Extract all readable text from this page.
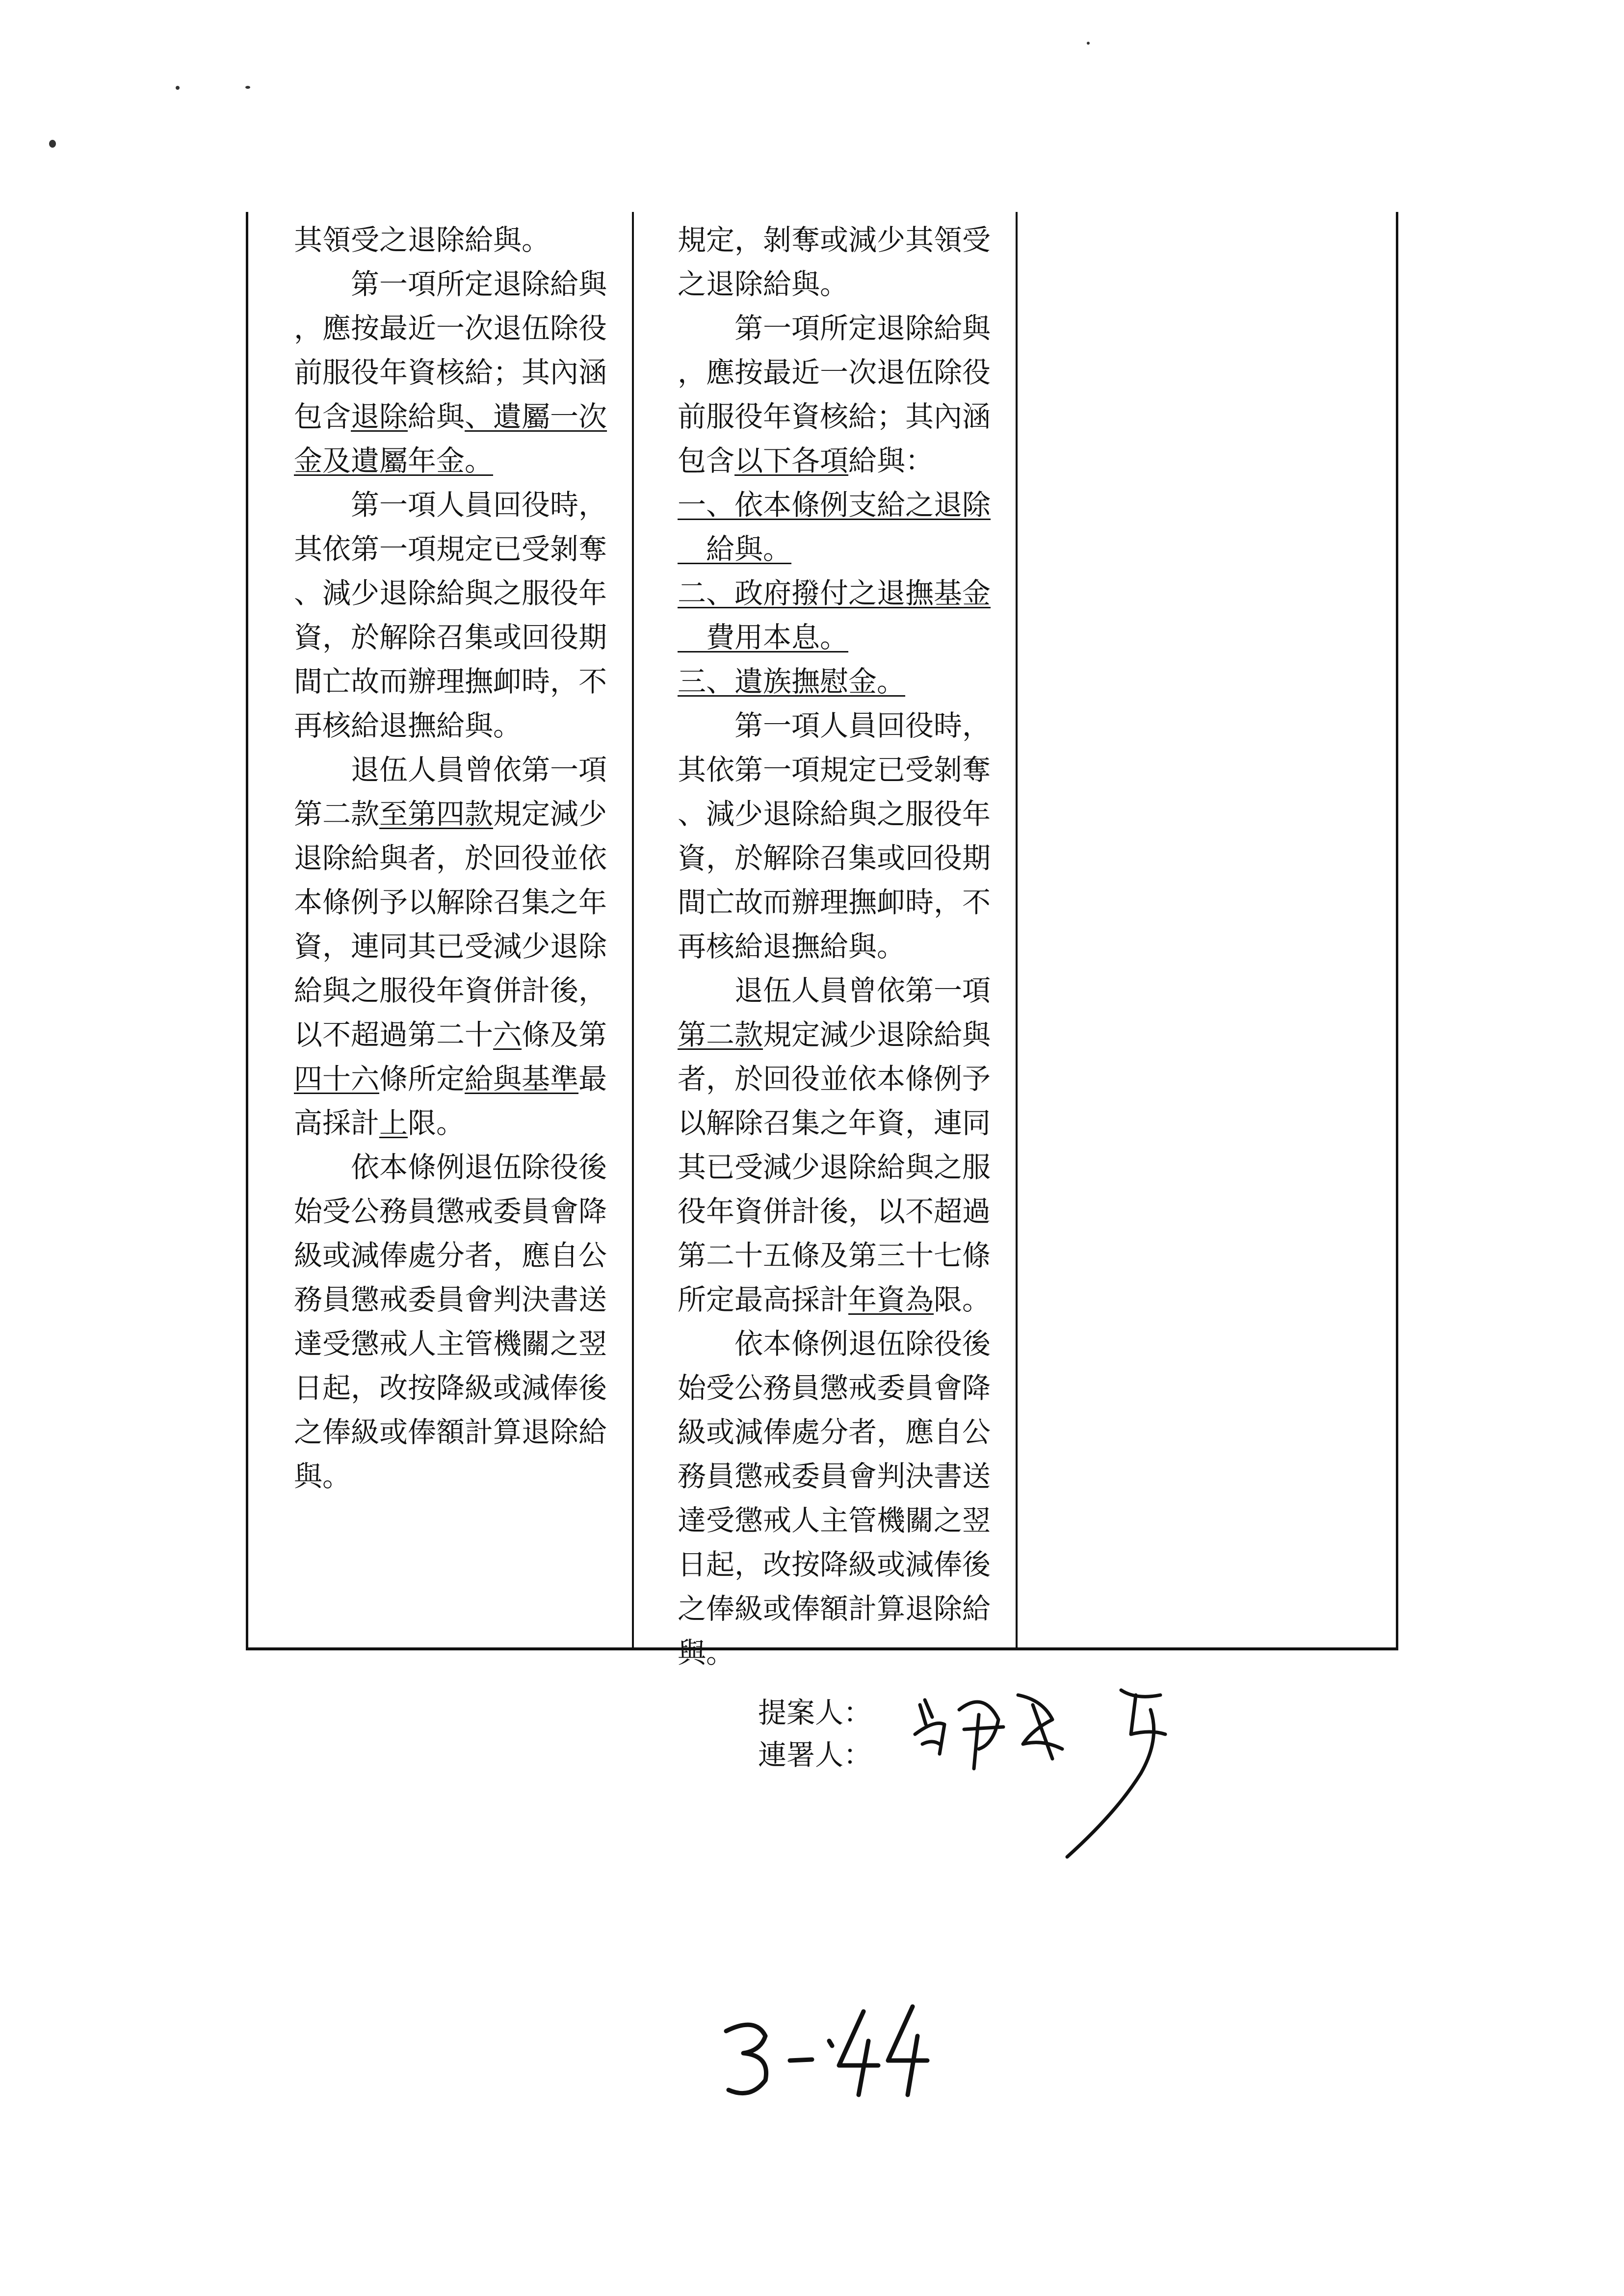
其領受之退除給與。

　　第一項所定退除給與

，應按最近一次退伍除役

前服役年資核給；其內涵

包含退除給與、遺屬一次

金及遺屬年金。

　　第一項人員回役時，

其依第一項規定已受剝奪

、減少退除給與之服役年

資，於解除召集或回役期

間亡故而辦理撫卹時，不

再核給退撫給與。

　　退伍人員曾依第一項

第二款至第四款規定減少

退除給與者，於回役並依

本條例予以解除召集之年

資，連同其已受減少退除

給與之服役年資併計後，

以不超過第二十六條及第

四十六條所定給與基準最

高採計上限。

　　依本條例退伍除役後

始受公務員懲戒委員會降

級或減俸處分者，應自公

務員懲戒委員會判決書送

達受懲戒人主管機關之翌

日起，改按降級或減俸後

之俸級或俸額計算退除給

與。

規定，剝奪或減少其領受

之退除給與。

　　第一項所定退除給與

，應按最近一次退伍除役

前服役年資核給；其內涵

包含以下各項給與：

一、依本條例支給之退除

　給與。

二、政府撥付之退撫基金

　費用本息。

三、遺族撫慰金。

　　第一項人員回役時，

其依第一項規定已受剝奪

、減少退除給與之服役年

資，於解除召集或回役期

間亡故而辦理撫卹時，不

再核給退撫給與。

　　退伍人員曾依第一項

第二款規定減少退除給與

者，於回役並依本條例予

以解除召集之年資，連同

其已受減少退除給與之服

役年資併計後，以不超過

第二十五條及第三十七條

所定最高採計年資為限。

　　依本條例退伍除役後

始受公務員懲戒委員會降

級或減俸處分者，應自公

務員懲戒委員會判決書送

達受懲戒人主管機關之翌

日起，改按降級或減俸後

之俸級或俸額計算退除給

與。

提案人：
連署人：
